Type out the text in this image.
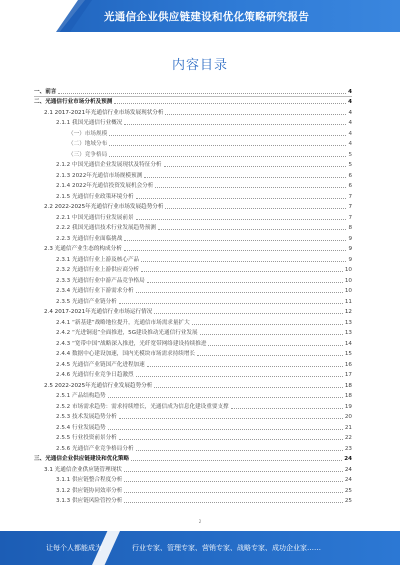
光通信企业供应链建设和优化策略研究报告
内容目录
一、前言	4
二、光通信行业市场分析及预测	4
2.1 2017-2021年光通信行业市场发展现状分析	4
2.1.1 我国光通信行业概况	4
（一）市场规模	4
（二）地域分布	4
（三）竞争格局	5
2.1.2 中国光通信企业发展现状及特征分析	5
2.1.3 2022年光通信市场规模预测	6
2.1.4 2022年光通信投资发展机会分析	6
2.1.5 光通信行业政策环境分析	7
2.2 2022-2025年光通信行业市场发展趋势分析	7
2.2.1 中国光通信行业发展前景	7
2.2.2 我国光通信技术行业发展趋势预测	8
2.2.3 光通信行业面临挑战	9
2.3 光通信产业生态的构成分析	9
2.3.1 光通信行业上游及核心产品	9
2.3.2 光通信行业上游供应商分析	10
2.3.3 光通信行业中游产品竞争格局	10
2.3.4 光通信行业下游需求分析	10
2.3.5 光通信产业链分析	11
2.4 2017-2021年光通信行业市场运行情况	12
2.4.1 “新基建”战略地位提升，光通信市场需求量扩大	13
2.4.2 “光进铜退”全面推进，5G建设推动光通信行业发展	13
2.4.3 “宽带中国”战略深入推进，光纤宽带网络建设持续推进	14
2.4.4 数据中心建设加速，国内光模块市场需求持续增长	15
2.4.5 光通信产业链国产化进程加速	16
2.4.6 光通信行业竞争日趋激烈	17
2.5 2022-2025年光通信行业发展趋势分析	18
2.5.1 产品结构趋势	18
2.5.2 市场需求趋势：需求持续增长，光通信成为信息化建设重要支撑	19
2.5.3 技术发展趋势分析	20
2.5.4 行业发展趋势	21
2.5.5 行业投资前景分析	22
2.5.6 光通信产业竞争格局分析	23
三、光通信企业供应链建设和优化策略	24
3.1 光通信企业供应链管理现状	24
3.1.1 供应链整合程度分析	24
3.1.2 供应链协同效率分析	25
3.1.3 供应链风险管控分析	25
2
让每个人都能成为	行业专家、管理专家、营销专家、战略专家、成功企业家……
